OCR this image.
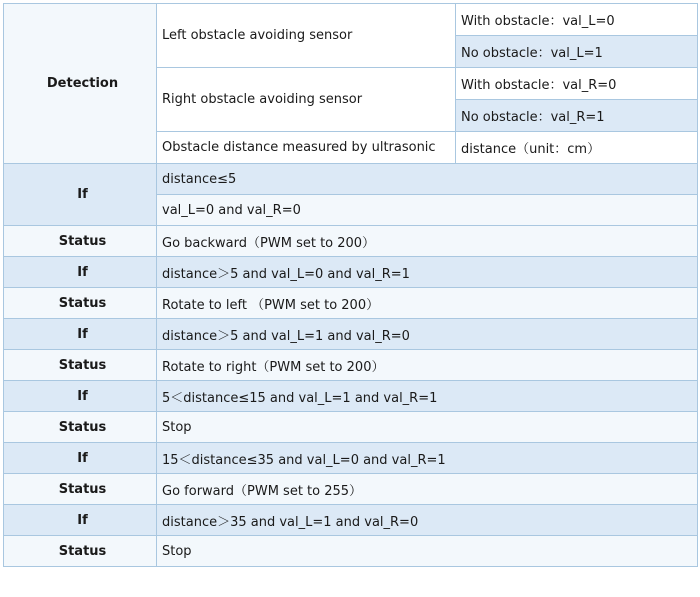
Detection	Left obstacle avoiding sensor	With obstacle：val_L=0
		No obstacle：val_L=1
	Right obstacle avoiding sensor	With obstacle：val_R=0
		No obstacle：val_R=1
	Obstacle distance measured by ultrasonic	distance（unit：cm）
If	distance≤5	
	val_L=0 and val_R=0	
Status	Go backward（PWM set to 200）	
If	distance＞5 and val_L=0 and val_R=1	
Status	Rotate to left （PWM set to 200）	
If	distance＞5 and val_L=1 and val_R=0	
Status	Rotate to right（PWM set to 200）	
If	5＜distance≤15 and val_L=1 and val_R=1	
Status	Stop	
If	15＜distance≤35 and val_L=0 and val_R=1	
Status	Go forward（PWM set to 255）	
If	distance＞35 and val_L=1 and val_R=0	
Status	Stop	
